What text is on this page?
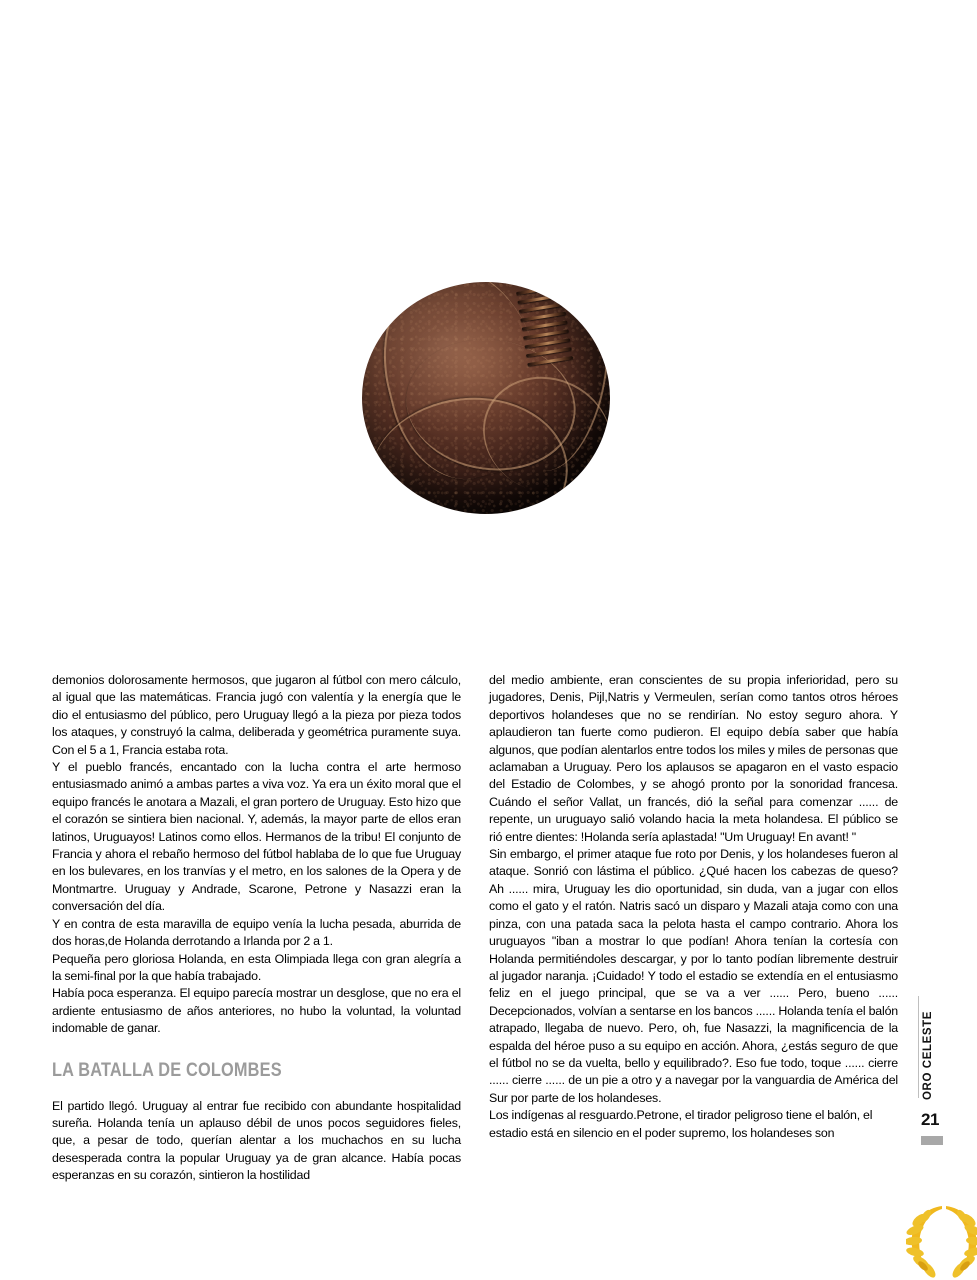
demonios dolorosamente hermosos, que jugaron al fútbol con mero cálculo, al igual que las matemáticas. Francia jugó con valentía y la energía que le dio el entusiasmo del público, pero Uruguay llegó a la pieza por pieza todos los ataques, y construyó la calma, deliberada y geométrica puramente suya. Con el 5 a 1, Francia estaba rota.

Y el pueblo francés, encantado con la lucha contra el arte hermoso entusiasmado animó a ambas partes a viva voz. Ya era un éxito moral que el equipo francés le anotara a Mazali, el gran portero de Uruguay. Esto hizo que el corazón se sintiera bien nacional. Y, además, la mayor parte de ellos eran latinos, Uruguayos! Latinos como ellos. Hermanos de la tribu! El conjunto de Francia y ahora el rebaño hermoso del fútbol hablaba de lo que fue Uruguay en los bulevares, en los tranvías y el metro, en los salones de la Opera y de Montmartre. Uruguay y Andrade, Scarone, Petrone y Nasazzi eran la conversación del día.

Y en contra de esta maravilla de equipo venía la lucha pesada, aburrida de dos horas,de Holanda derrotando a Irlanda por 2 a 1.

Pequeña pero gloriosa Holanda, en esta Olimpiada llega con gran alegría a la semi-final por la que había trabajado.

Había poca esperanza. El equipo parecía mostrar un desglose, que no era el ardiente entusiasmo de años anteriores, no hubo la voluntad, la voluntad indomable de ganar.

LA BATALLA DE COLOMBES

El partido llegó. Uruguay al entrar fue recibido con abundante hospitalidad sureña. Holanda tenía un aplauso débil de unos pocos seguidores fieles, que, a pesar de todo, querían alentar a los muchachos en su lucha desesperada contra la popular Uruguay ya de gran alcance. Había pocas esperanzas en su corazón, sintieron la hostilidad

del medio ambiente, eran conscientes de su propia inferioridad, pero su jugadores, Denis, Pijl,Natris y Vermeulen, serían como tantos otros héroes deportivos holandeses que no se rendirían. No estoy seguro ahora. Y aplaudieron tan fuerte como pudieron. El equipo debía saber que había algunos, que podían alentarlos entre todos los miles y miles de personas que aclamaban a Uruguay. Pero los aplausos se apagaron en el vasto espacio del Estadio de Colombes, y se ahogó pronto por la sonoridad francesa. Cuándo el señor Vallat, un francés, dió la señal para comenzar ...... de repente, un uruguayo salió volando hacia la meta holandesa. El público se rió entre dientes: !Holanda sería aplastada! "Um Uruguay! En avant! "

Sin embargo, el primer ataque fue roto por Denis, y los holandeses fueron al ataque. Sonrió con lástima el público. ¿Qué hacen los cabezas de queso? Ah ...... mira, Uruguay les dio oportunidad, sin duda, van a jugar con ellos como el gato y el ratón. Natris sacó un disparo y Mazali ataja como con una pinza, con una patada saca la pelota hasta el campo contrario. Ahora los uruguayos "iban a mostrar lo que podían! Ahora tenían la cortesía con Holanda permitiéndoles descargar, y por lo tanto podían libremente destruir al jugador naranja. ¡Cuidado! Y todo el estadio se extendía en el entusiasmo feliz en el juego principal, que se va a ver ...... Pero, bueno ...... Decepcionados, volvían a sentarse en los bancos ...... Holanda tenía el balón atrapado, llegaba de nuevo. Pero, oh, fue Nasazzi, la magnificencia de la espalda del héroe puso a su equipo en acción. Ahora, ¿estás seguro de que el fútbol no se da vuelta, bello y equilibrado?. Eso fue todo, toque ...... cierre ...... cierre ...... de un pie a otro y a navegar por la vanguardia de América del Sur por parte de los holandeses.

Los indígenas al resguardo.Petrone, el tirador peligroso tiene el balón, el estadio está en silencio en el poder supremo, los holandeses son

ORO CELESTE
21
